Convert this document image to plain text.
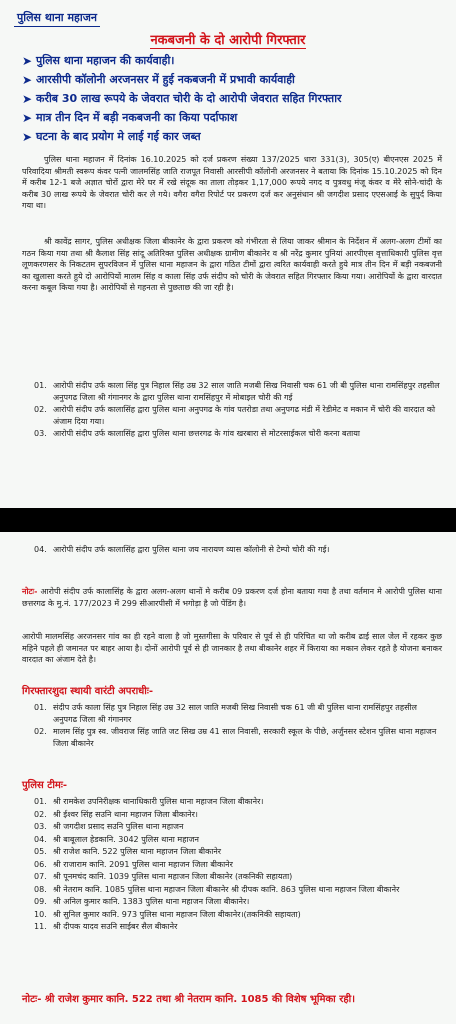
पुलिस थाना महाजन
नकबजनी के दो आरोपी गिरफ्तार
➤ पुलिस थाना महाजन की कार्यवाही।
➤ आरसीपी कॉलोनी अरजनसर में हुई नकबजनी में प्रभावी कार्यवाही
➤ करीब 30 लाख रूपये के जेवरात चोरी के दो आरोपी जेवरात सहित गिरफ्तार
➤ मात्र तीन दिन में बड़ी नकबजनी का किया पर्दाफाश
➤ घटना के बाद प्रयोग मे लाई गई कार जब्त

पुलिस थाना महाजन में दिनांक 16.10.2025 को दर्ज प्रकरण संख्या 137/2025 धारा 331(3), 305(ए) बीएनएस 2025 में परिवादिया श्रीमती स्वरूप कंवर पत्नी जालमसिंह जाति राजपूत निवासी आरसीपी कॉलोनी अरजनसर ने बताया कि दिनांक 15.10.2025 को दिन में करीब 12-1 बजे अज्ञात चोरों द्वारा मेरे घर में रखे संदूक का ताला तोड़कर 1,17,000 रूपये नगद व पुत्रवधु मंजू कंवर व मेरे सोने-चांदी के करीब 30 लाख रूपये के जेवरात चोरी कर ले गये। वगैरा वगैरा रिपोर्ट पर प्रकरण दर्ज कर अनुसंधान श्री जगदीश प्रसाद एएसआई के सुपुर्द किया गया था।

श्री कावेंद्र सागर, पुलिस अधीक्षक जिला बीकानेर के द्वारा प्रकरण को गंभीरता से लिया जाकर श्रीमान के निर्देशन में अलग-अलग टीमों का गठन किया गया तथा श्री कैलाश सिंह सांदू अतिरिक्त पुलिस अधीक्षक ग्रामीण बीकानेर व श्री नरेंद्र कुमार पुनियां आरपीएस वृत्ताधिकारी पुलिस वृत्त लूणकरणसर के निकटतम सुपरविजन में पुलिस थाना महाजन के द्वारा गठित टीमों द्वारा त्वरित कार्यवाही करते हुये मात्र तीन दिन में बड़ी नकबजनी का खुलासा करते हुये दो आरोपियों मालम सिंह व काला सिंह उर्फ संदीप को चोरी के जेवरात सहित गिरफ्तार किया गया। आरोपियों के द्वारा वारदात करना कबूल किया गया है। आरोपियों से गहनता से पुछताछ की जा रही है।

01. आरोपी संदीप उर्फ काला सिंह पुत्र निहाल सिंह उम्र 32 साल जाति मजबी सिख निवासी चक 61 जी बी पुलिस थाना रामसिंहपुर तहसील अनुपगढ जिला श्री गंगानगर के द्वारा पुलिस थाना रामसिंहपुर में मोबाइल चोरी की गई
02. आरोपी संदीप उर्फ कालासिंह द्वारा पुलिस थाना अनुपगढ के गांव पतरोडा तथा अनुपगढ मंडी में रेडीमेट व मकान में चोरी की वारदात को अंजाम दिया गया।
03. आरोपी संदीप उर्फ कालासिंह द्वारा पुलिस थाना छत्तरगढ के गांव खरबारा से मोटरसाईकल चोरी करना बताया
04. आरोपी संदीप उर्फ कालासिंह द्वारा पुलिस थाना जय नारायण व्यास कॉलोनी से टेम्पो चोरी की गई।

नोटः- आरोपी संदीप उर्फ कालासिंह के द्वारा अलग-अलग थानों मे करीब 09 प्रकरण दर्ज होना बताया गया है तथा वर्तमान मे आरोपी पुलिस थाना छत्तरगढ के मु.नं. 177/2023 में 299 सीआरपीसी में भगोड़ा है जो पेंडिंग है।

आरोपी मालमसिंह अरजनसर गांव का ही रहने वाला है जो मुस्तगीसा के परिवार से पूर्व से ही परिचित था जो करीब ढाई साल जेल में रहकर कुछ महिने पहले ही जमानत पर बाहर आया है। दोनों आरोपी पूर्व से ही जानकार है तथा बीकानेर शहर में किराया का मकान लेकर रहते है योजना बनाकर वारदात का अंजाम देते है।

गिरफ्तारशुदा स्थायी वारंटी अपराधीः-
01. संदीप उर्फ काला सिंह पुत्र निहाल सिंह उम्र 32 साल जाति मजबी सिख निवासी चक 61 जी बी पुलिस थाना रामसिंहपुर तहसील अनुपगढ जिला श्री गंगानगर
02. मालम सिंह पुत्र स्व. जीवराज सिंह जाति जट सिख उम्र 41 साल निवासी, सरकारी स्कूल के पीछे, अर्जुनसर स्टेशन पुलिस थाना महाजन जिला बीकानेर
पुलिस टीमः-
01. श्री रामकेश उपनिरीक्षक थानाधिकारी पुलिस थाना महाजन जिला बीकानेर।
02. श्री ईश्वर सिंह सउनि थाना महाजन जिला बीकानेर।
03. श्री जगदीश प्रसाद सउनि पुलिस थाना महाजन
04. श्री बाबूलाल हेडकानि. 3042 पुलिस थाना महाजन
05. श्री राजेश कानि. 522 पुलिस थाना महाजन जिला बीकानेर
06. श्री राजाराम कानि. 2091 पुलिस थाना महाजन जिला बीकानेर
07. श्री पूनमचंद कानि. 1039 पुलिस थाना महाजन जिला बीकानेर (तकनिकी सहायता)
08. श्री नेतराम कानि. 1085 पुलिस थाना महाजन जिला बीकानेर श्री दीपक कानि. 863 पुलिस थाना महाजन जिला बीकानेर
09. श्री अनिल कुमार कानि. 1383 पुलिस थाना महाजन जिला बीकानेर।
10. श्री सुनिल कुमार कानि. 973 पुलिस थाना महाजन जिला बीकानेर।(तकनिकी सहायता)
11. श्री दीपक यादव सउनि साईबर सैल बीकानेर

नोटः- श्री राजेश कुमार कानि. 522 तथा श्री नेतराम कानि. 1085 की विशेष भूमिका रही।
